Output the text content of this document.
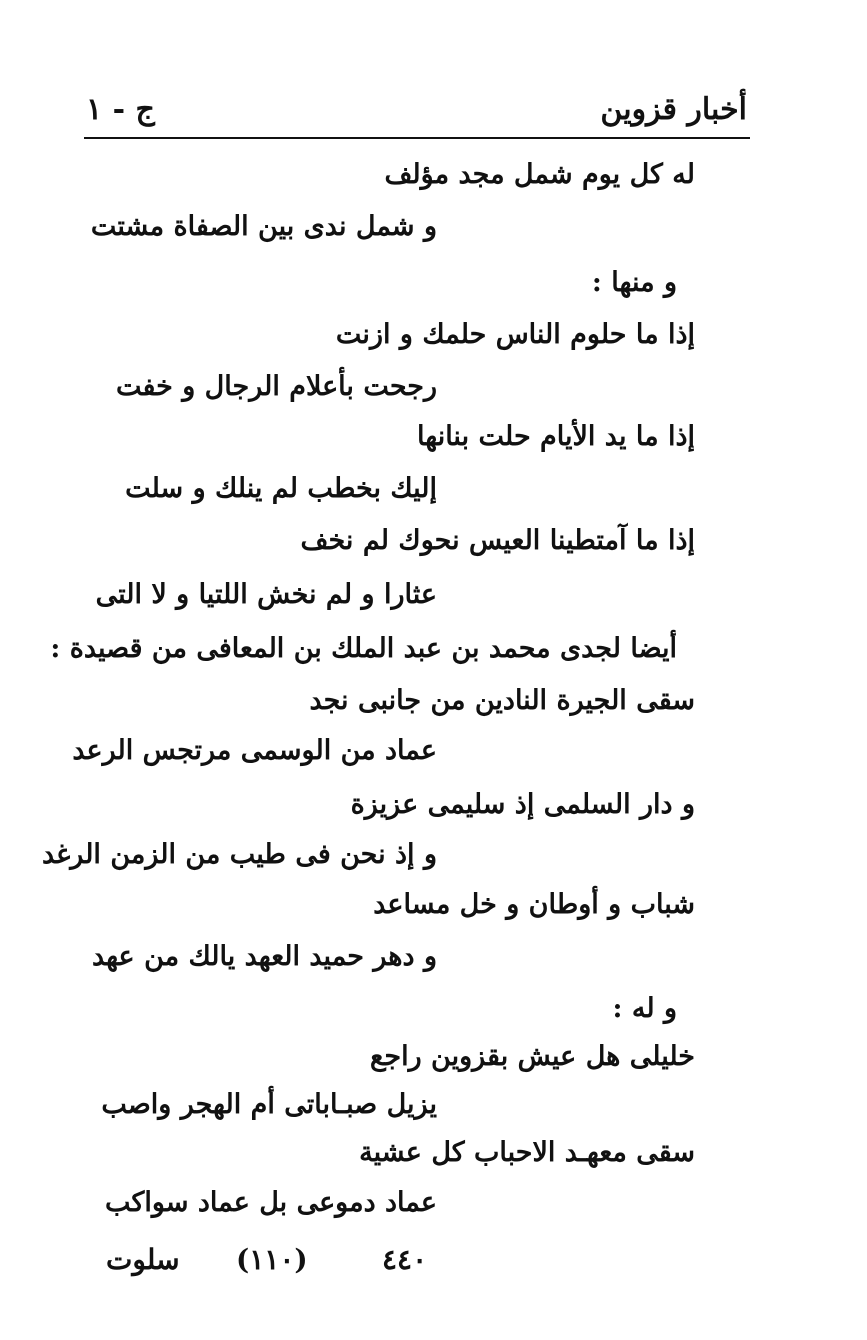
أخبار قزوين
ج - ١
له كل يوم شمل مجد مؤلف
و شمل ندى بين الصفاة مشتت
و منها :
إذا ما حلوم الناس حلمك و ازنت
رجحت بأعلام الرجال و خفت
إذا ما يد الأيام حلت بنانها
إليك بخطب لم ينلك و سلت
إذا ما آمتطينا العيس نحوك لم نخف
عثارا و لم نخش اللتيا و لا التى
أيضا لجدى محمد بن عبد الملك بن المعافى من قصيدة :
سقى الجيرة النادين من جانبى نجد
عماد من الوسمى مرتجس الرعد
و دار السلمى إذ سليمى عزيزة
و إذ نحن فى طيب من الزمن الرغد
شباب و أوطان و خل مساعد
و دهر حميد العهد يالك من عهد
و له :
خليلى هل عيش بقزوين راجع
يزيل صبـاباتى أم الهجر واصب
سقى معهـد الاحباب كل عشية
عماد دموعى بل عماد سواكب
سلوت (١١٠)	٤٤٠
